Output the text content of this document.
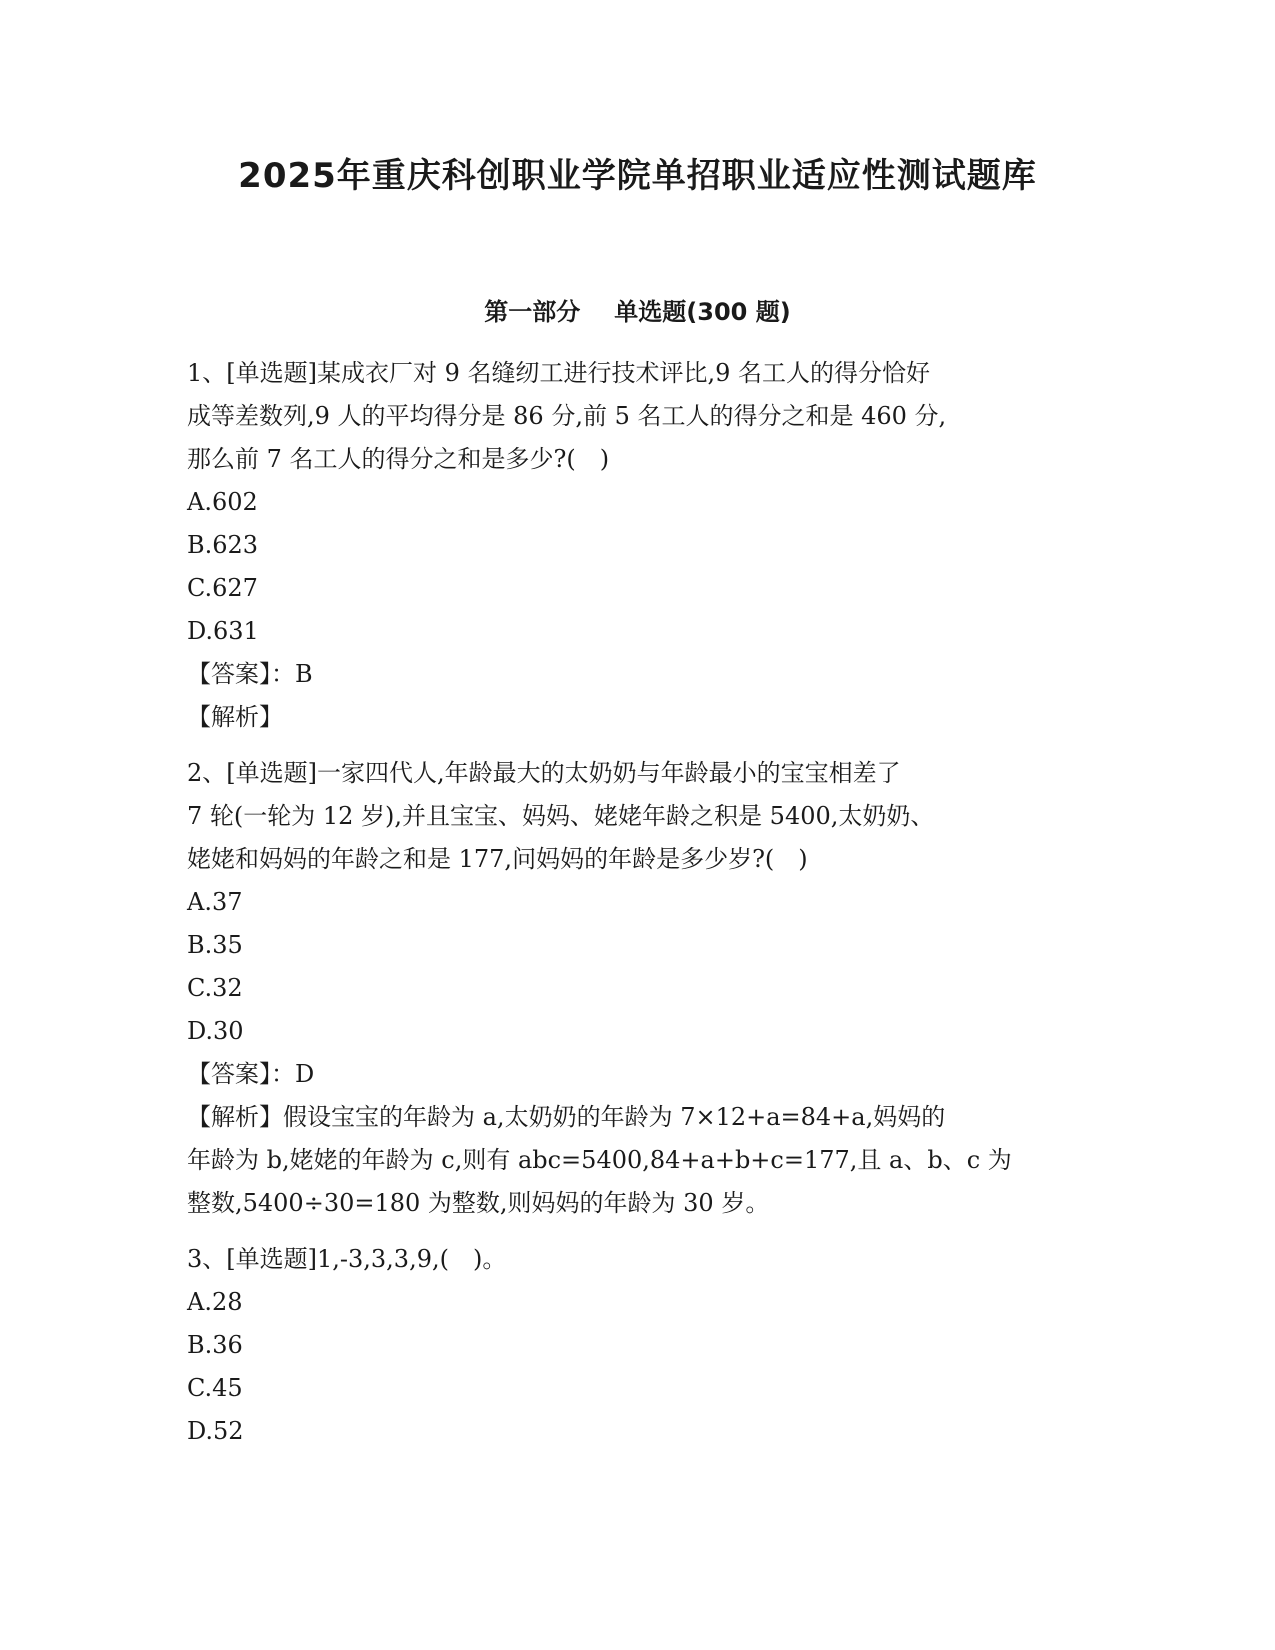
2025年重庆科创职业学院单招职业适应性测试题库
第一部分 单选题(300 题)

1、[单选题]某成衣厂对 9 名缝纫工进行技术评比,9 名工人的得分恰好

成等差数列,9 人的平均得分是 86 分,前 5 名工人的得分之和是 460 分,

那么前 7 名工人的得分之和是多少?(　)

A.602

B.623

C.627

D.631

【答案】：B

【解析】

2、[单选题]一家四代人,年龄最大的太奶奶与年龄最小的宝宝相差了

7 轮(一轮为 12 岁),并且宝宝、妈妈、姥姥年龄之积是 5400,太奶奶、

姥姥和妈妈的年龄之和是 177,问妈妈的年龄是多少岁?(　)

A.37

B.35

C.32

D.30

【答案】：D

【解析】假设宝宝的年龄为 a,太奶奶的年龄为 7×12+a=84+a,妈妈的

年龄为 b,姥姥的年龄为 c,则有 abc=5400,84+a+b+c=177,且 a、b、c 为

整数,5400÷30=180 为整数,则妈妈的年龄为 30 岁。

3、[单选题]1,-3,3,3,9,(　)。

A.28

B.36

C.45

D.52
